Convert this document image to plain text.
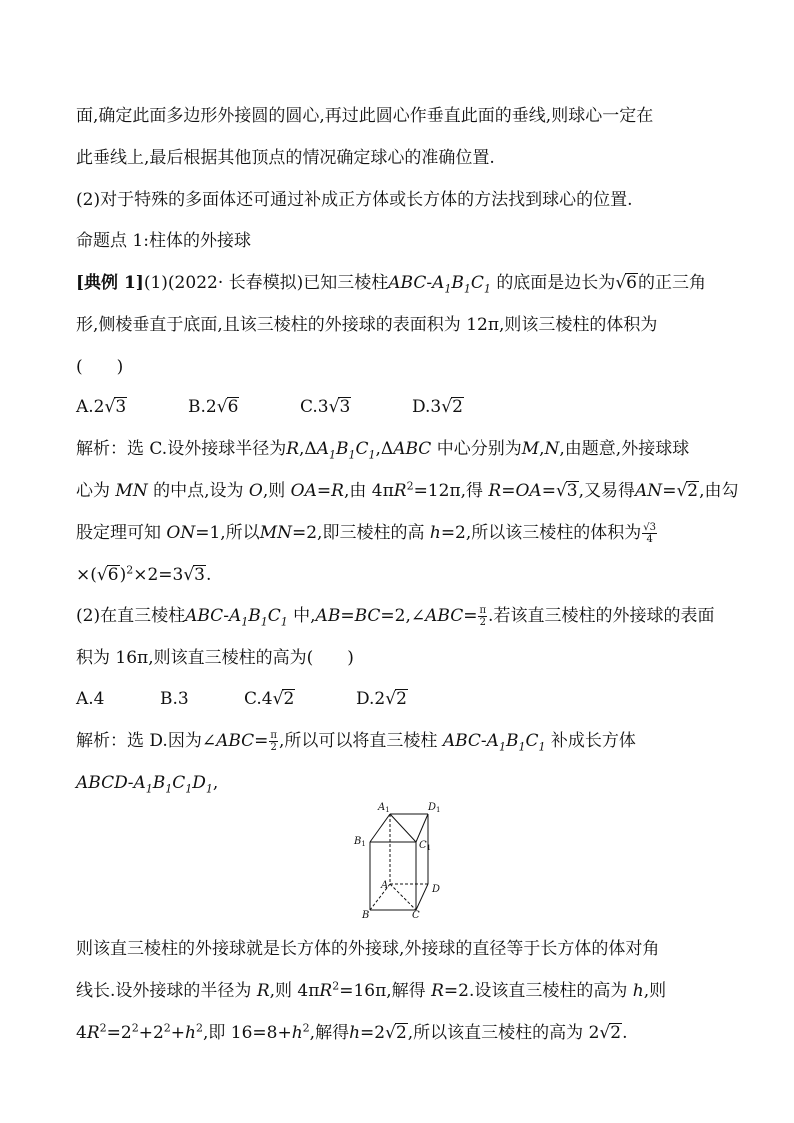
面,确定此面多边形外接圆的圆心,再过此圆心作垂直此面的垂线,则球心一定在
此垂线上,最后根据其他顶点的情况确定球心的准确位置.
(2)对于特殊的多面体还可通过补成正方体或长方体的方法找到球心的位置.
命题点 1:柱体的外接球
[典例 1](1)(2022· 长春模拟)已知三棱柱ABC-$A_1B_1C_1$ 的底面是边长为√6的正三角
形,侧棱垂直于底面,且该三棱柱的外接球的表面积为 12π,则该三棱柱的体积为
(　　)
A.2√3	B.2√6	C.3√3	D.3√2
解析：选 C.设外接球半径为$R,\Delta A_1B_1C_1,\Delta ABC$ 中心分别为M,N,由题意,外接球球
心为 MN 的中点,设为 O,则 OA=R,由 $4\pi R^2=12\pi$,得 R=OA=√3,又易得AN=√2,由勾
股定理可知 ON=1,所以MN=2,即三棱柱的高 h=2,所以该三棱柱的体积为 $\frac{√3}{4}$
$\times(√6)^2\times 2=3√3$.
(2)在直三棱柱ABC-$A_1B_1C_1$ 中,AB=BC=2,∠ABC= $\frac{\pi}{2}$ .若该直三棱柱的外接球的表面
积为 16π,则该直三棱柱的高为(　　)
A.4	B.3	C.4√2	D.2√2
解析：选 D.因为∠ABC= $\frac{\pi}{2}$ ,所以可以将直三棱柱 ABC-$A_1B_1C_1$ 补成长方体
ABCD-$A_1B_1C_1D_1$,
$A_1$	$D_1$
$B_1$	$C_1$
A	D
B	C
则该直三棱柱的外接球就是长方体的外接球,外接球的直径等于长方体的体对角
线长.设外接球的半径为 R,则 $4\pi R^2=16\pi$,解得 R=2.设该直三棱柱的高为 h,则
$4R^2=2^2+2^2+h^2$,即 $16=8+h^2$,解得h=2√2,所以该直三棱柱的高为 2√2.
